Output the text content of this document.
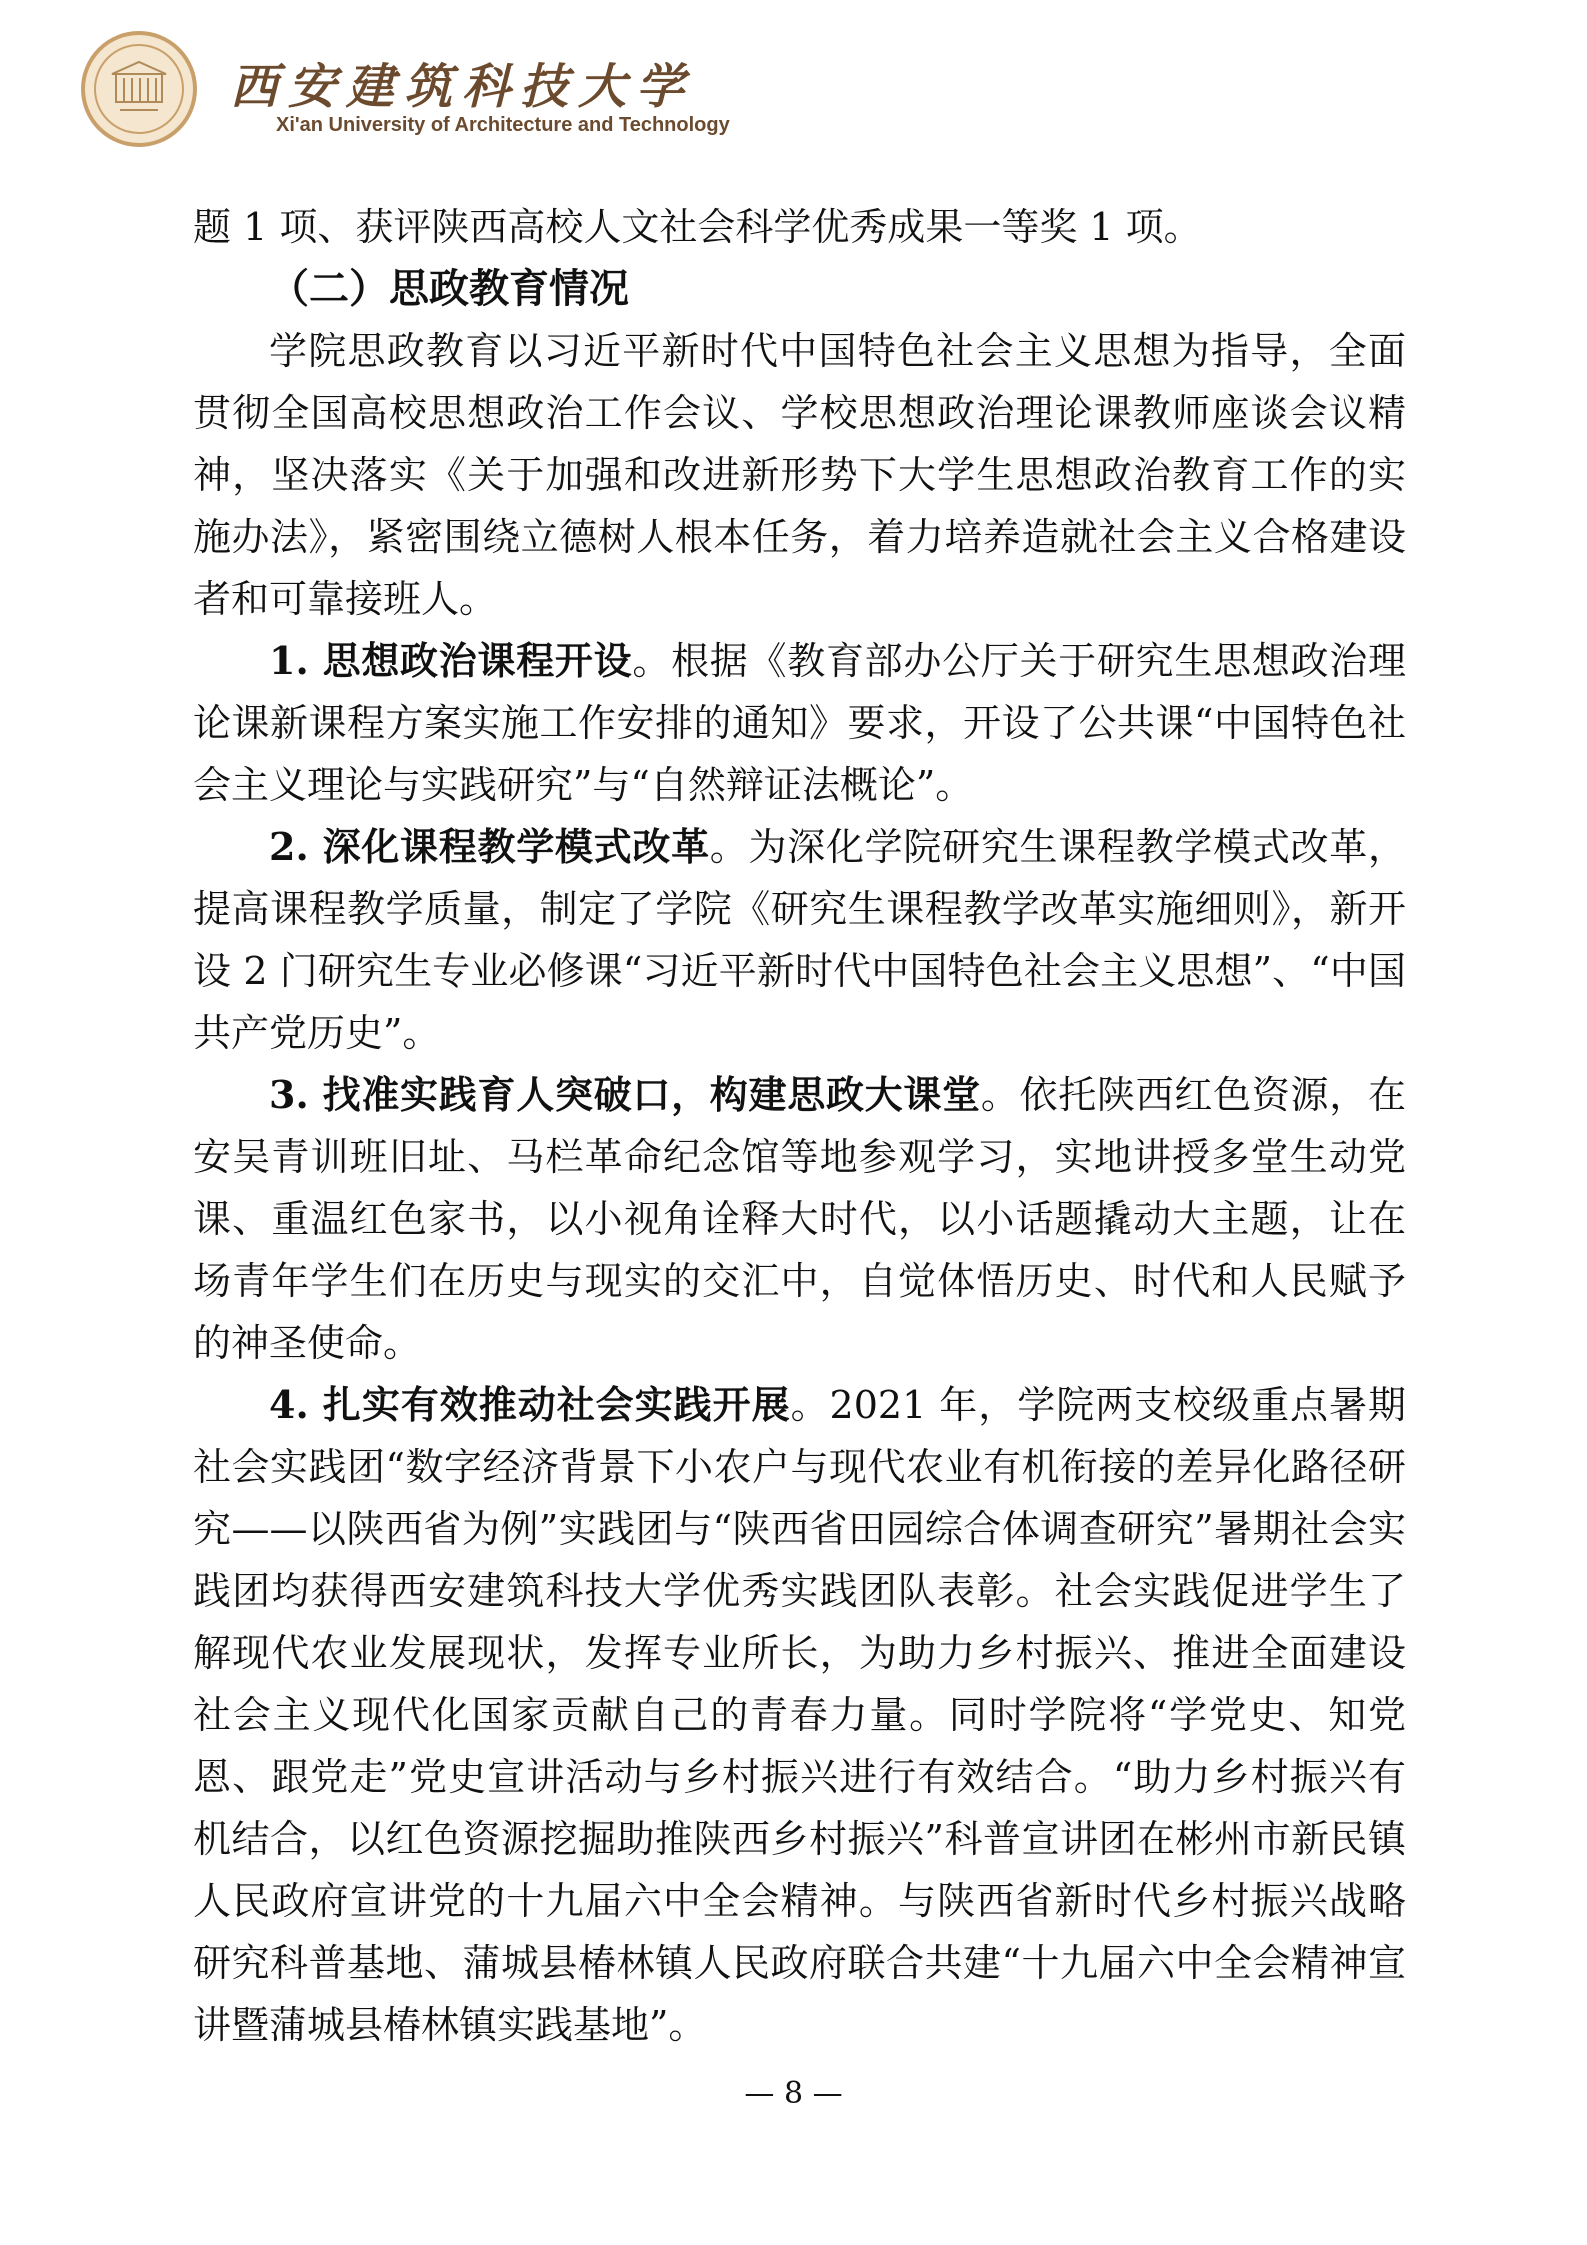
西安建筑科技大学
Xi'an University of Architecture and Technology

题 1 项、获评陕西高校人文社会科学优秀成果一等奖 1 项。

（二）思政教育情况

学院思政教育以习近平新时代中国特色社会主义思想为指导，全面贯彻全国高校思想政治工作会议、学校思想政治理论课教师座谈会议精神，坚决落实《关于加强和改进新形势下大学生思想政治教育工作的实施办法》，紧密围绕立德树人根本任务，着力培养造就社会主义合格建设者和可靠接班人。

1. 思想政治课程开设。根据《教育部办公厅关于研究生思想政治理论课新课程方案实施工作安排的通知》要求，开设了公共课“中国特色社会主义理论与实践研究”与“自然辩证法概论”。

2. 深化课程教学模式改革。为深化学院研究生课程教学模式改革，提高课程教学质量，制定了学院《研究生课程教学改革实施细则》，新开设 2 门研究生专业必修课“习近平新时代中国特色社会主义思想”、“中国共产党历史”。

3. 找准实践育人突破口，构建思政大课堂。依托陕西红色资源，在安吴青训班旧址、马栏革命纪念馆等地参观学习，实地讲授多堂生动党课、重温红色家书，以小视角诠释大时代，以小话题撬动大主题，让在场青年学生们在历史与现实的交汇中，自觉体悟历史、时代和人民赋予的神圣使命。

4. 扎实有效推动社会实践开展。2021 年，学院两支校级重点暑期社会实践团“数字经济背景下小农户与现代农业有机衔接的差异化路径研究——以陕西省为例”实践团与“陕西省田园综合体调查研究”暑期社会实践团均获得西安建筑科技大学优秀实践团队表彰。社会实践促进学生了解现代农业发展现状，发挥专业所长，为助力乡村振兴、推进全面建设社会主义现代化国家贡献自己的青春力量。同时学院将“学党史、知党恩、跟党走”党史宣讲活动与乡村振兴进行有效结合。“助力乡村振兴有机结合，以红色资源挖掘助推陕西乡村振兴”科普宣讲团在彬州市新民镇人民政府宣讲党的十九届六中全会精神。与陕西省新时代乡村振兴战略研究科普基地、蒲城县椿林镇人民政府联合共建“十九届六中全会精神宣讲暨蒲城县椿林镇实践基地”。

— 8 —
